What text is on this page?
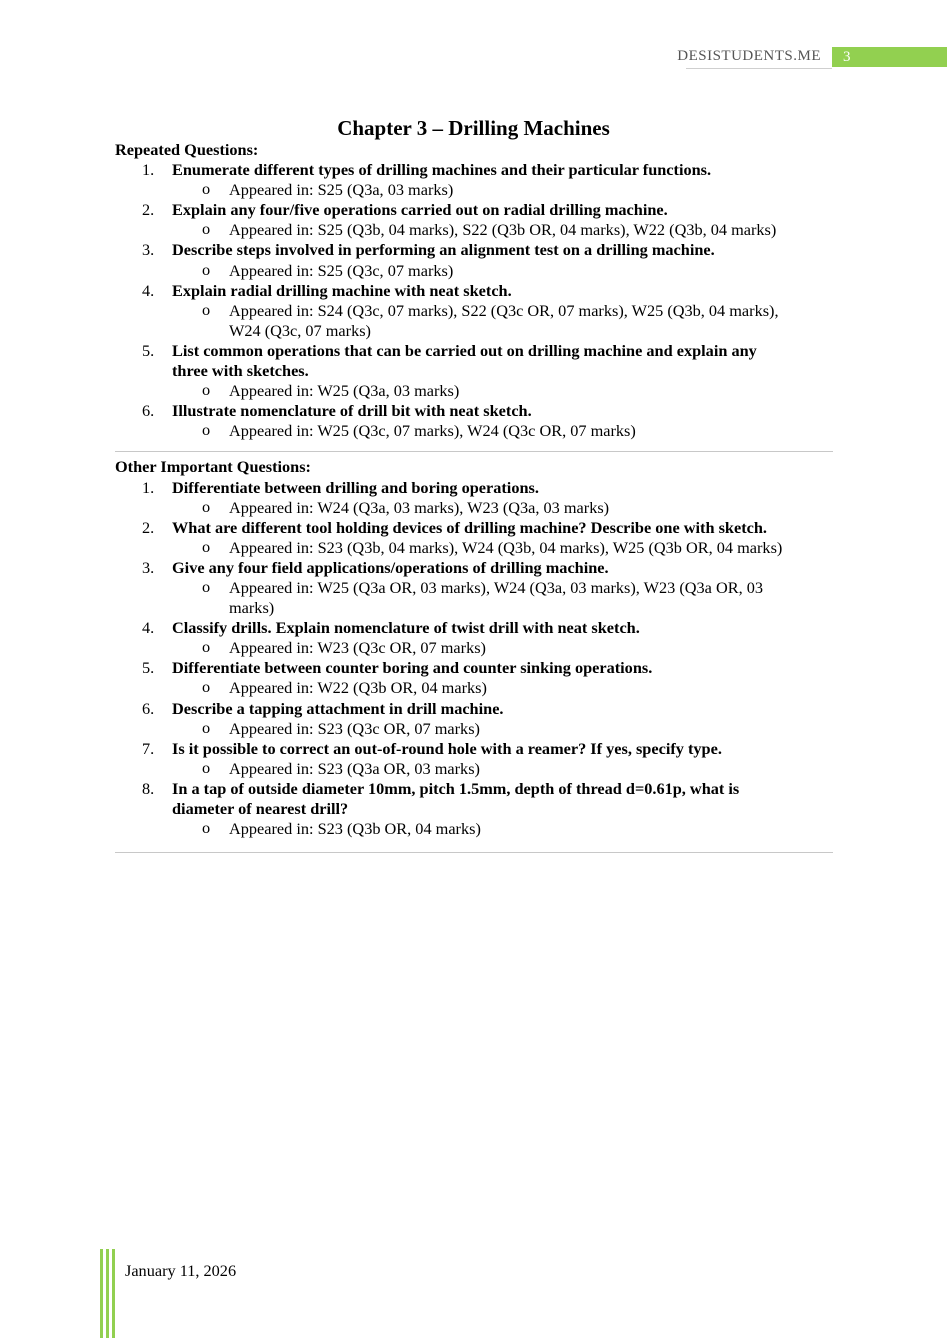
DESISTUDENTS.ME	3
Chapter 3 – Drilling Machines
Repeated Questions:
1. Enumerate different types of drilling machines and their particular functions.
o Appeared in: S25 (Q3a, 03 marks)
2. Explain any four/five operations carried out on radial drilling machine.
o Appeared in: S25 (Q3b, 04 marks), S22 (Q3b OR, 04 marks), W22 (Q3b, 04 marks)
3. Describe steps involved in performing an alignment test on a drilling machine.
o Appeared in: S25 (Q3c, 07 marks)
4. Explain radial drilling machine with neat sketch.
o Appeared in: S24 (Q3c, 07 marks), S22 (Q3c OR, 07 marks), W25 (Q3b, 04 marks),
W24 (Q3c, 07 marks)
5. List common operations that can be carried out on drilling machine and explain any
three with sketches.
o Appeared in: W25 (Q3a, 03 marks)
6. Illustrate nomenclature of drill bit with neat sketch.
o Appeared in: W25 (Q3c, 07 marks), W24 (Q3c OR, 07 marks)
Other Important Questions:
1. Differentiate between drilling and boring operations.
o Appeared in: W24 (Q3a, 03 marks), W23 (Q3a, 03 marks)
2. What are different tool holding devices of drilling machine? Describe one with sketch.
o Appeared in: S23 (Q3b, 04 marks), W24 (Q3b, 04 marks), W25 (Q3b OR, 04 marks)
3. Give any four field applications/operations of drilling machine.
o Appeared in: W25 (Q3a OR, 03 marks), W24 (Q3a, 03 marks), W23 (Q3a OR, 03
marks)
4. Classify drills. Explain nomenclature of twist drill with neat sketch.
o Appeared in: W23 (Q3c OR, 07 marks)
5. Differentiate between counter boring and counter sinking operations.
o Appeared in: W22 (Q3b OR, 04 marks)
6. Describe a tapping attachment in drill machine.
o Appeared in: S23 (Q3c OR, 07 marks)
7. Is it possible to correct an out-of-round hole with a reamer? If yes, specify type.
o Appeared in: S23 (Q3a OR, 03 marks)
8. In a tap of outside diameter 10mm, pitch 1.5mm, depth of thread d=0.61p, what is
diameter of nearest drill?
o Appeared in: S23 (Q3b OR, 04 marks)
January 11, 2026
